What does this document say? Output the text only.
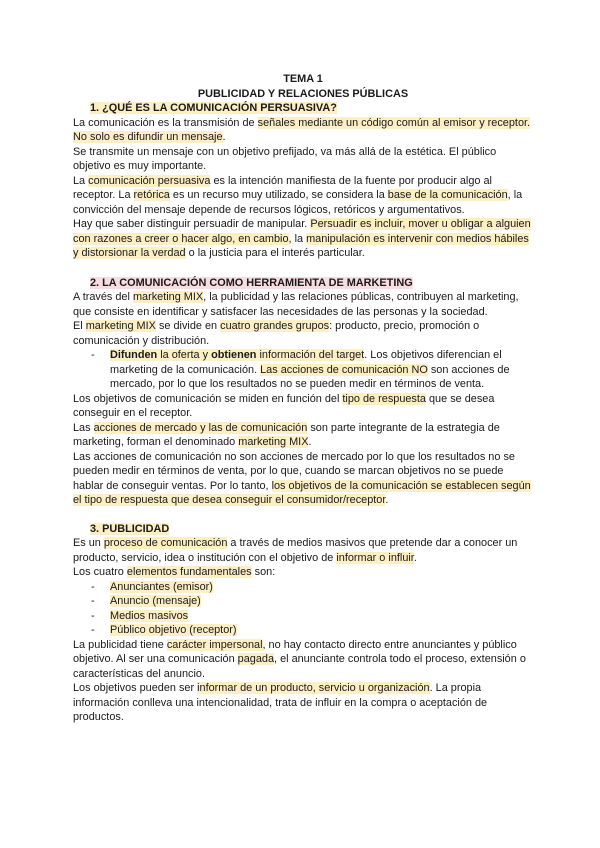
TEMA 1
PUBLICIDAD Y RELACIONES PÚBLICAS
1. ¿QUÉ ES LA COMUNICACIÓN PERSUASIVA?

La comunicación es la transmisión de señales mediante un código común al emisor y receptor. No solo es difundir un mensaje.

Se transmite un mensaje con un objetivo prefijado, va más allá de la estética. El público objetivo es muy importante.

La comunicación persuasiva es la intención manifiesta de la fuente por producir algo al receptor. La retórica es un recurso muy utilizado, se considera la base de la comunicación, la convicción del mensaje depende de recursos lógicos, retóricos y argumentativos.

Hay que saber distinguir persuadir de manipular. Persuadir es incluir, mover u obligar a alguien con razones a creer o hacer algo, en cambio, la manipulación es intervenir con medios hábiles y distorsionar la verdad o la justicia para el interés particular.

2. LA COMUNICACIÓN COMO HERRAMIENTA DE MARKETING

A través del marketing MIX, la publicidad y las relaciones públicas, contribuyen al marketing, que consiste en identificar y satisfacer las necesidades de las personas y la sociedad.

El marketing MIX se divide en cuatro grandes grupos: producto, precio, promoción o comunicación y distribución.

-	Difunden la oferta y obtienen información del target. Los objetivos diferencian el marketing de la comunicación. Las acciones de comunicación NO son acciones de mercado, por lo que los resultados no se pueden medir en términos de venta.

Los objetivos de comunicación se miden en función del tipo de respuesta que se desea conseguir en el receptor.

Las acciones de mercado y las de comunicación son parte integrante de la estrategia de marketing, forman el denominado marketing MIX.

Las acciones de comunicación no son acciones de mercado por lo que los resultados no se pueden medir en términos de venta, por lo que, cuando se marcan objetivos no se puede hablar de conseguir ventas. Por lo tanto, los objetivos de la comunicación se establecen según el tipo de respuesta que desea conseguir el consumidor/receptor.

3. PUBLICIDAD

Es un proceso de comunicación a través de medios masivos que pretende dar a conocer un producto, servicio, idea o institución con el objetivo de informar o influir.

Los cuatro elementos fundamentales son:

-	Anunciantes (emisor)
-	Anuncio (mensaje)
-	Medios masivos
-	Público objetivo (receptor)

La publicidad tiene carácter impersonal, no hay contacto directo entre anunciantes y público objetivo. Al ser una comunicación pagada, el anunciante controla todo el proceso, extensión o características del anuncio.

Los objetivos pueden ser informar de un producto, servicio u organización. La propia información conlleva una intencionalidad, trata de influir en la compra o aceptación de productos.
